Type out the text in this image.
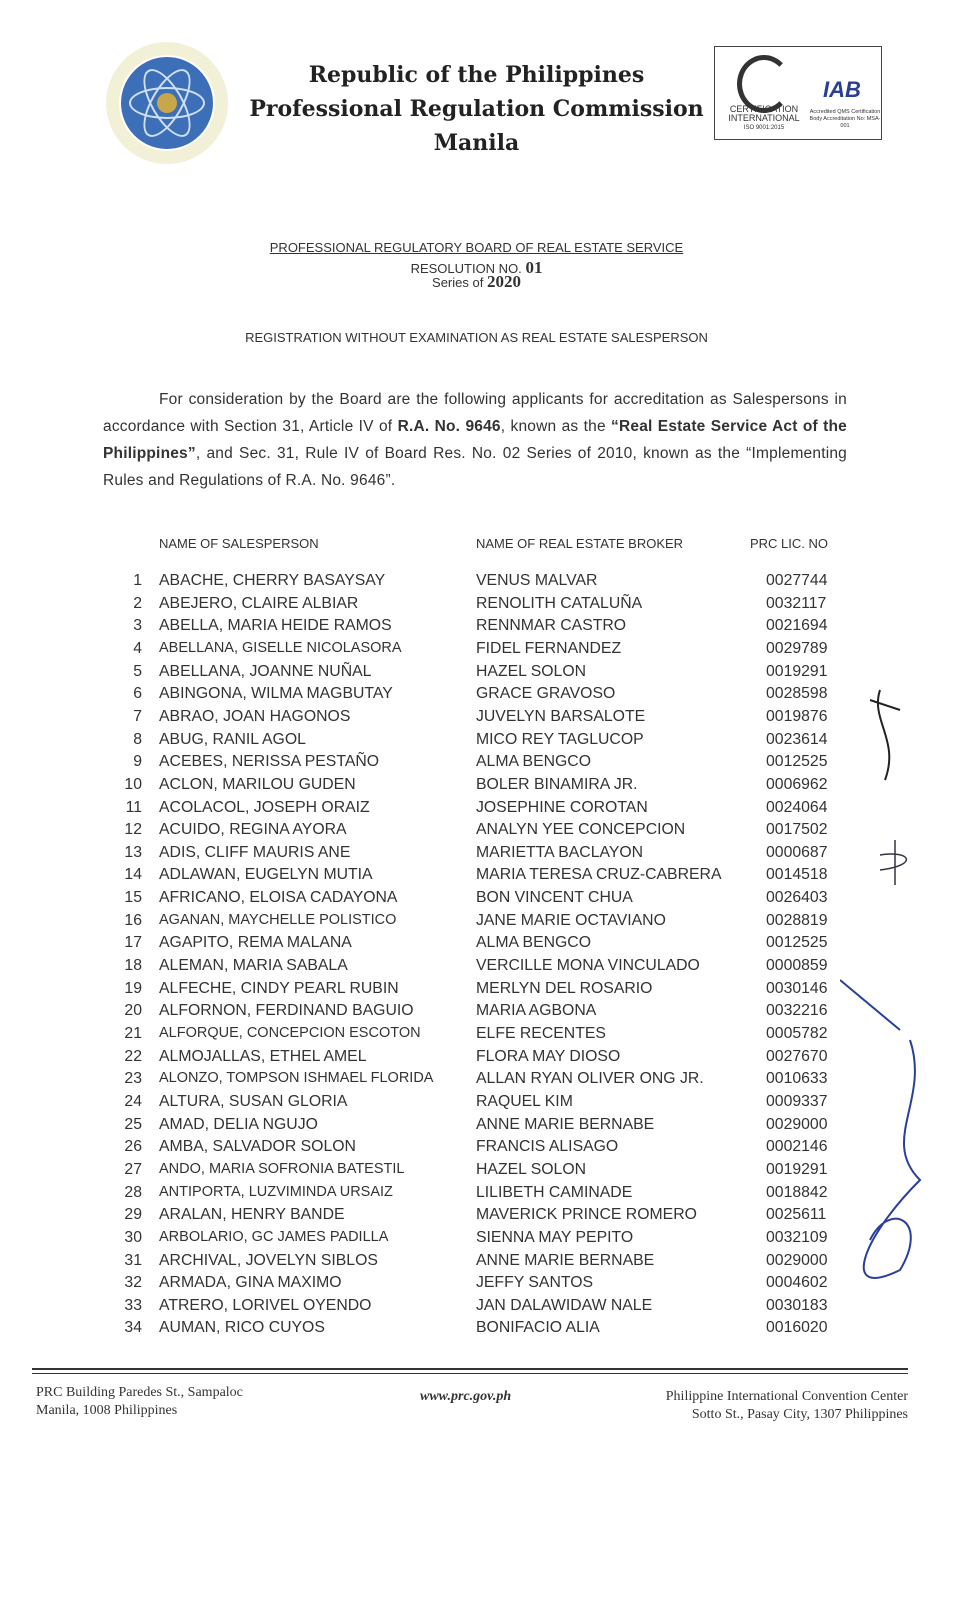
Republic of the Philippines
Professional Regulation Commission
Manila
CERTIFICATION
INTERNATIONAL
ISO 9001:2015
IAB
Accredited QMS Certification Body Accreditation No: MSA-001
PROFESSIONAL REGULATORY BOARD OF REAL ESTATE SERVICE
RESOLUTION NO. 01
Series of 2020
REGISTRATION WITHOUT EXAMINATION AS REAL ESTATE SALESPERSON
For consideration by the Board are the following applicants for accreditation as Salespersons in accordance with Section 31, Article IV of R.A. No. 9646, known as the “Real Estate Service Act of the Philippines”, and Sec. 31, Rule IV of Board Res. No. 02 Series of 2010, known as the “Implementing Rules and Regulations of R.A. No. 9646”.
NAME OF SALESPERSON	NAME OF REAL ESTATE BROKER	PRC LIC. NO
1 ABACHE, CHERRY BASAYSAY	VENUS MALVAR	0027744
2 ABEJERO, CLAIRE ALBIAR	RENOLITH CATALUÑA	0032117
3 ABELLA, MARIA HEIDE RAMOS	RENNMAR CASTRO	0021694
4 ABELLANA, GISELLE NICOLASORA	FIDEL FERNANDEZ	0029789
5 ABELLANA, JOANNE NUÑAL	HAZEL SOLON	0019291
6 ABINGONA, WILMA MAGBUTAY	GRACE GRAVOSO	0028598
7 ABRAO, JOAN HAGONOS	JUVELYN BARSALOTE	0019876
8 ABUG, RANIL AGOL	MICO REY TAGLUCOP	0023614
9 ACEBES, NERISSA PESTAÑO	ALMA BENGCO	0012525
10 ACLON, MARILOU GUDEN	BOLER BINAMIRA JR.	0006962
11 ACOLACOL, JOSEPH ORAIZ	JOSEPHINE COROTAN	0024064
12 ACUIDO, REGINA AYORA	ANALYN YEE CONCEPCION	0017502
13 ADIS, CLIFF MAURIS ANE	MARIETTA BACLAYON	0000687
14 ADLAWAN, EUGELYN MUTIA	MARIA TERESA CRUZ-CABRERA	0014518
15 AFRICANO, ELOISA CADAYONA	BON VINCENT CHUA	0026403
16 AGANAN, MAYCHELLE POLISTICO	JANE MARIE OCTAVIANO	0028819
17 AGAPITO, REMA MALANA	ALMA BENGCO	0012525
18 ALEMAN, MARIA SABALA	VERCILLE MONA VINCULADO	0000859
19 ALFECHE, CINDY PEARL RUBIN	MERLYN DEL ROSARIO	0030146
20 ALFORNON, FERDINAND BAGUIO	MARIA AGBONA	0032216
21 ALFORQUE, CONCEPCION ESCOTON	ELFE RECENTES	0005782
22 ALMOJALLAS, ETHEL AMEL	FLORA MAY DIOSO	0027670
23 ALONZO, TOMPSON ISHMAEL FLORIDA	ALLAN RYAN OLIVER ONG JR.	0010633
24 ALTURA, SUSAN GLORIA	RAQUEL KIM	0009337
25 AMAD, DELIA NGUJO	ANNE MARIE BERNABE	0029000
26 AMBA, SALVADOR SOLON	FRANCIS ALISAGO	0002146
27 ANDO, MARIA SOFRONIA BATESTIL	HAZEL SOLON	0019291
28 ANTIPORTA, LUZVIMINDA URSAIZ	LILIBETH CAMINADE	0018842
29 ARALAN, HENRY BANDE	MAVERICK PRINCE ROMERO	0025611
30 ARBOLARIO, GC JAMES PADILLA	SIENNA MAY PEPITO	0032109
31 ARCHIVAL, JOVELYN SIBLOS	ANNE MARIE BERNABE	0029000
32 ARMADA, GINA MAXIMO	JEFFY SANTOS	0004602
33 ATRERO, LORIVEL OYENDO	JAN DALAWIDAW NALE	0030183
34 AUMAN, RICO CUYOS	BONIFACIO ALIA	0016020
PRC Building Paredes St., Sampaloc
Manila, 1008 Philippines
www.prc.gov.ph	Philippine International Convention Center
Sotto St., Pasay City, 1307 Philippines
